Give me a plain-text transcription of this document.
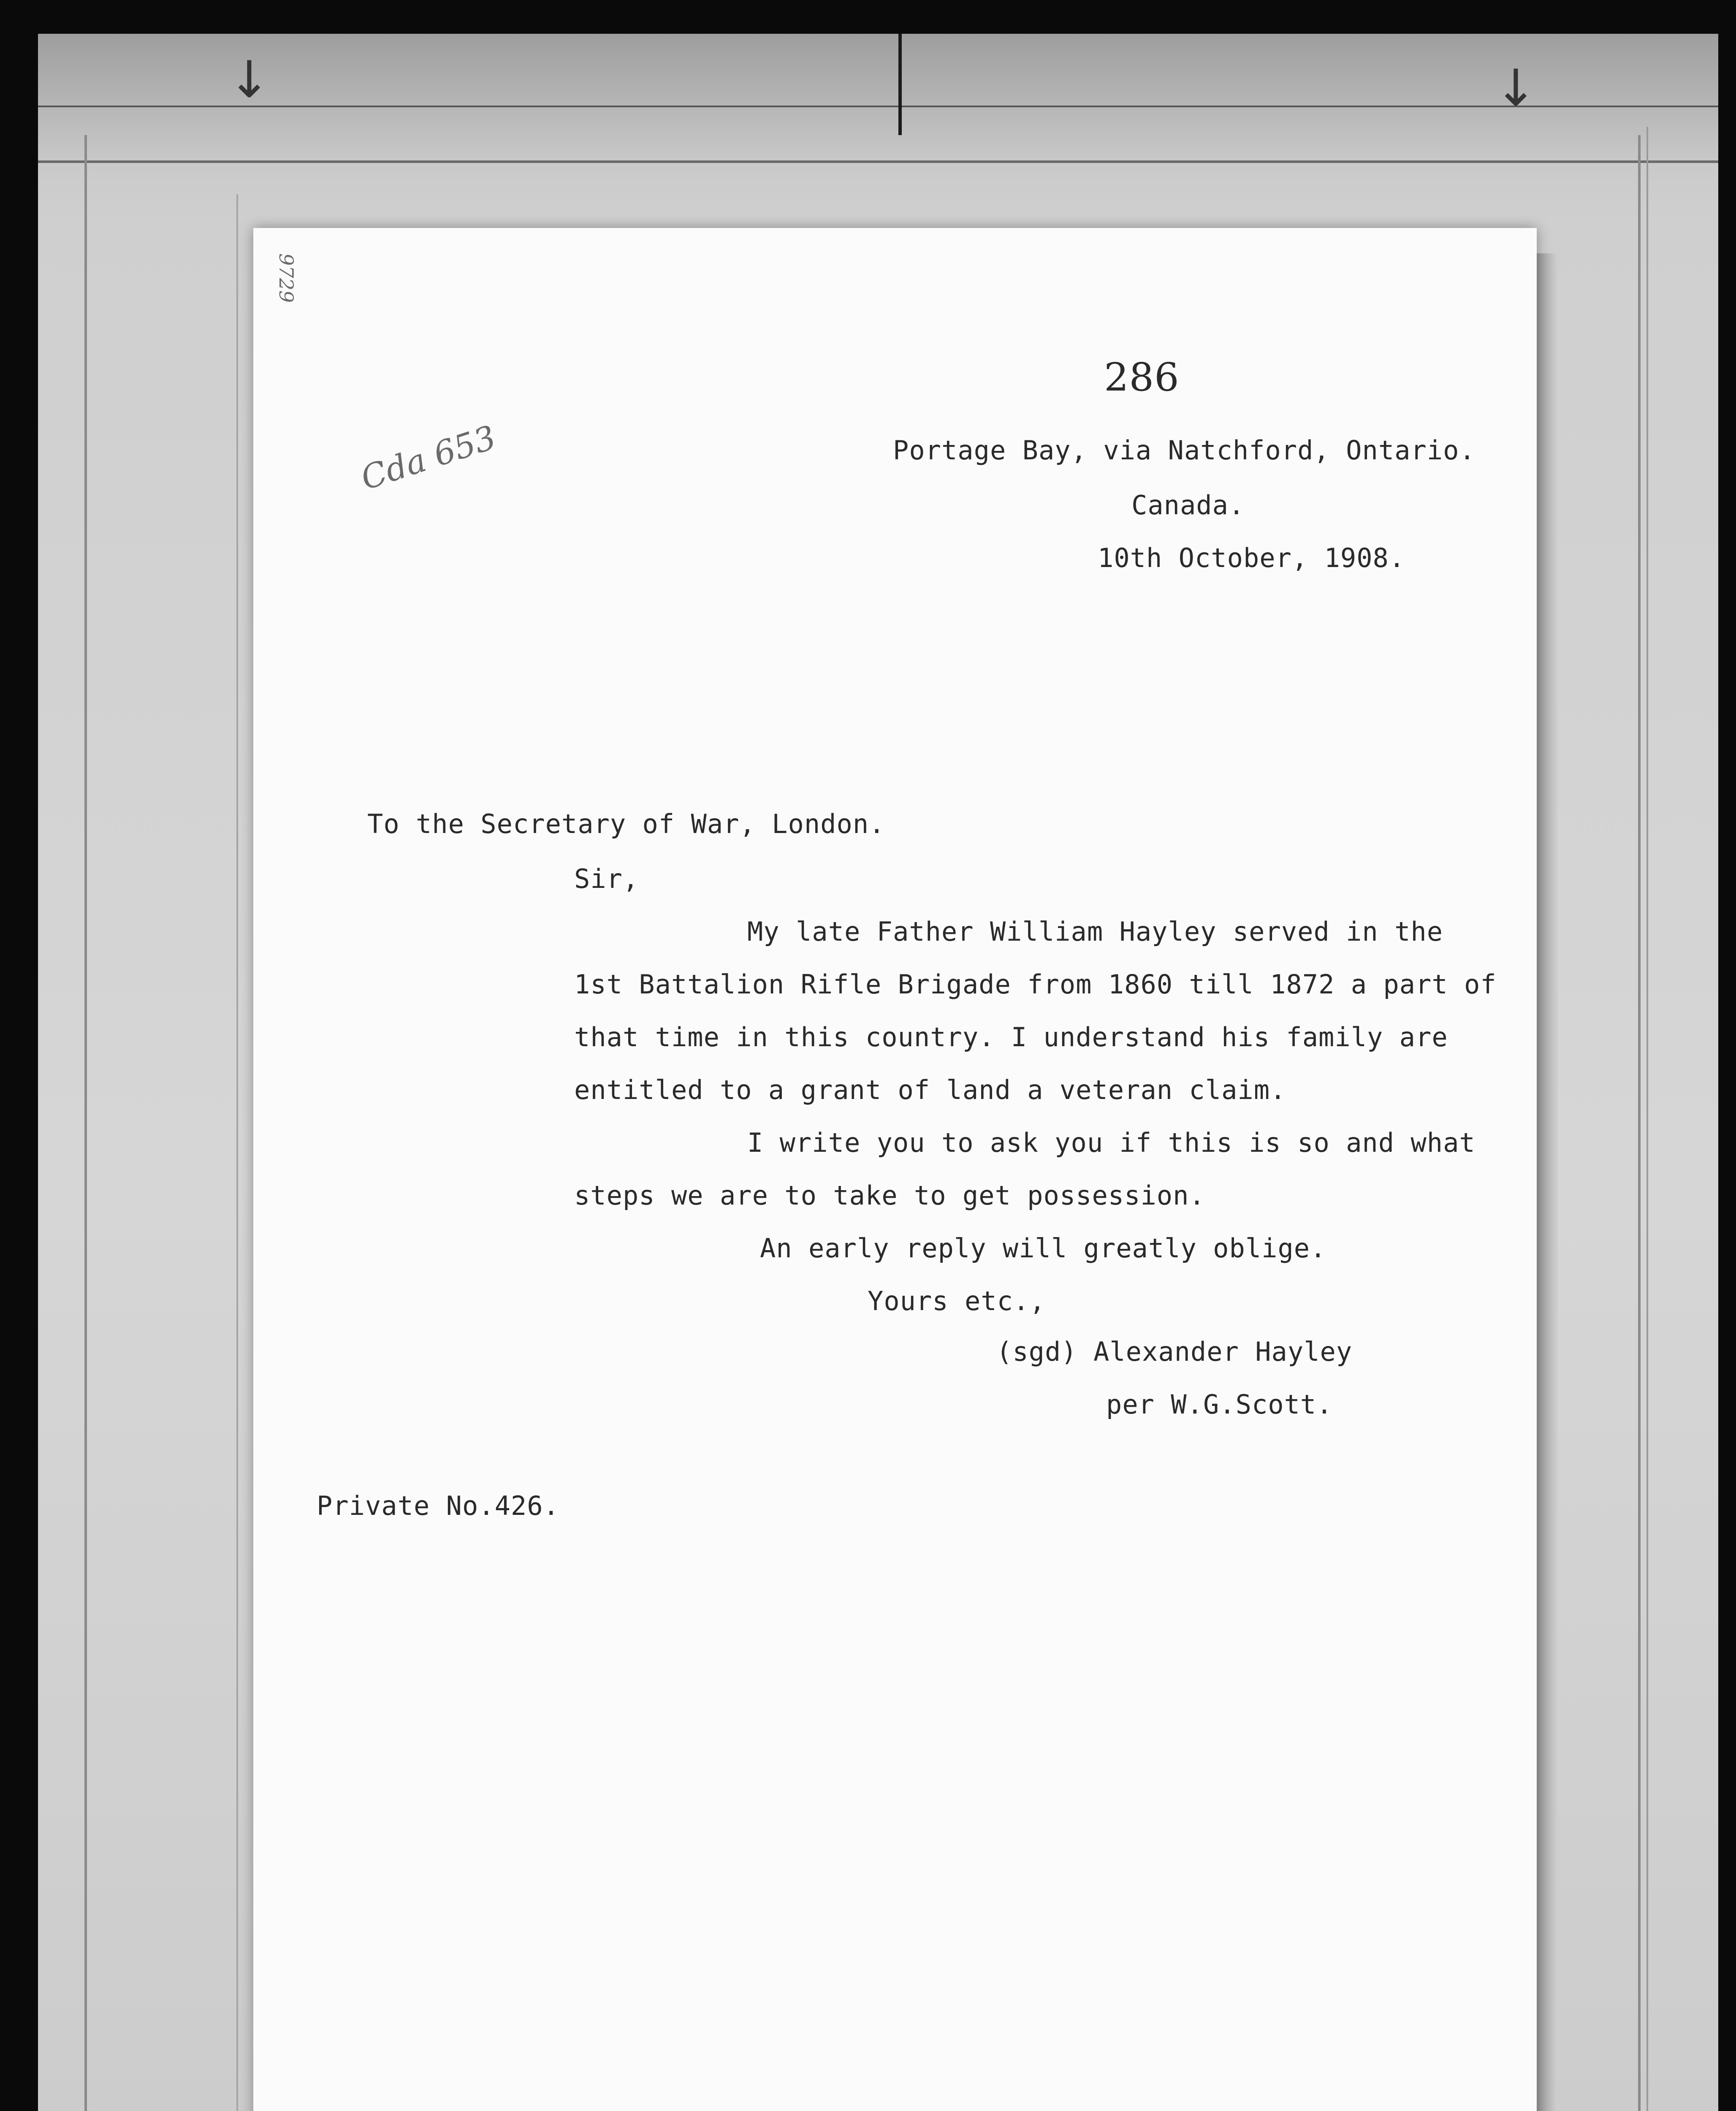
↓	↓
9729
Cda 653
286
Portage Bay, via Natchford, Ontario.
Canada.
10th October, 1908.
To the Secretary of War, London.
Sir,
My late Father William Hayley served in the
1st Battalion Rifle Brigade from 1860 till 1872 a part of
that time in this country. I understand his family are
entitled to a grant of land a veteran claim.
I write you to ask you if this is so and what
steps we are to take to get possession.
An early reply will greatly oblige.
Yours etc.,
(sgd) Alexander Hayley
per W.G.Scott.
Private No.426.
